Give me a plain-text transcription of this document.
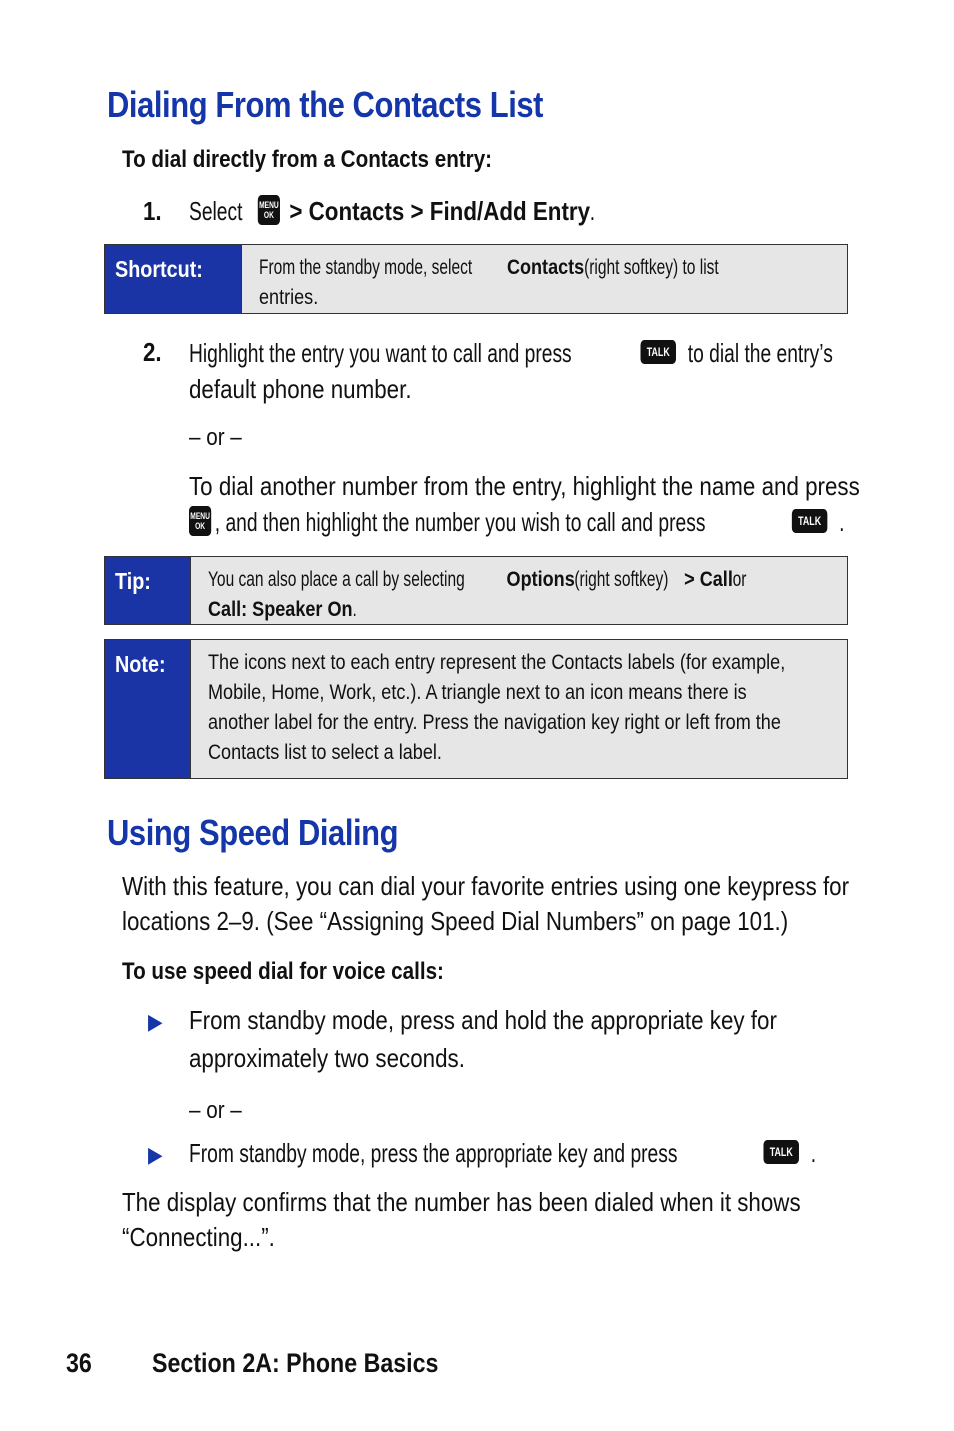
Dialing From the Contacts List
To dial directly from a Contacts entry:
1. Select MENU
OK > Contacts > Find/Add Entry.
Shortcut:	From the standby mode, selectContacts(right softkey) to list
entries.
2. Highlight the entry you want to call and press	TALK to dial the entry’s
default phone number.
– or –
To dial another number from the entry, highlight the name and press
MENU
OK , and then highlight the number you wish to call and press	TALK .
Tip:	You can also place a call by selectingOptions(right softkey)> Callor
Call: Speaker On.
Note:	The icons next to each entry represent the Contacts labels (for example,
Mobile, Home, Work, etc.). A triangle next to an icon means there is
another label for the entry. Press the navigation key right or left from the
Contacts list to select a label.
Using Speed Dialing
With this feature, you can dial your favorite entries using one keypress for
locations 2–9. (See “Assigning Speed Dial Numbers” on page 101.)
To use speed dial for voice calls:
▶ From standby mode, press and hold the appropriate key for
approximately two seconds.
– or –
▶ From standby mode, press the appropriate key and press	TALK .
The display confirms that the number has been dialed when it shows
“Connecting...”.
36 Section 2A: Phone Basics
